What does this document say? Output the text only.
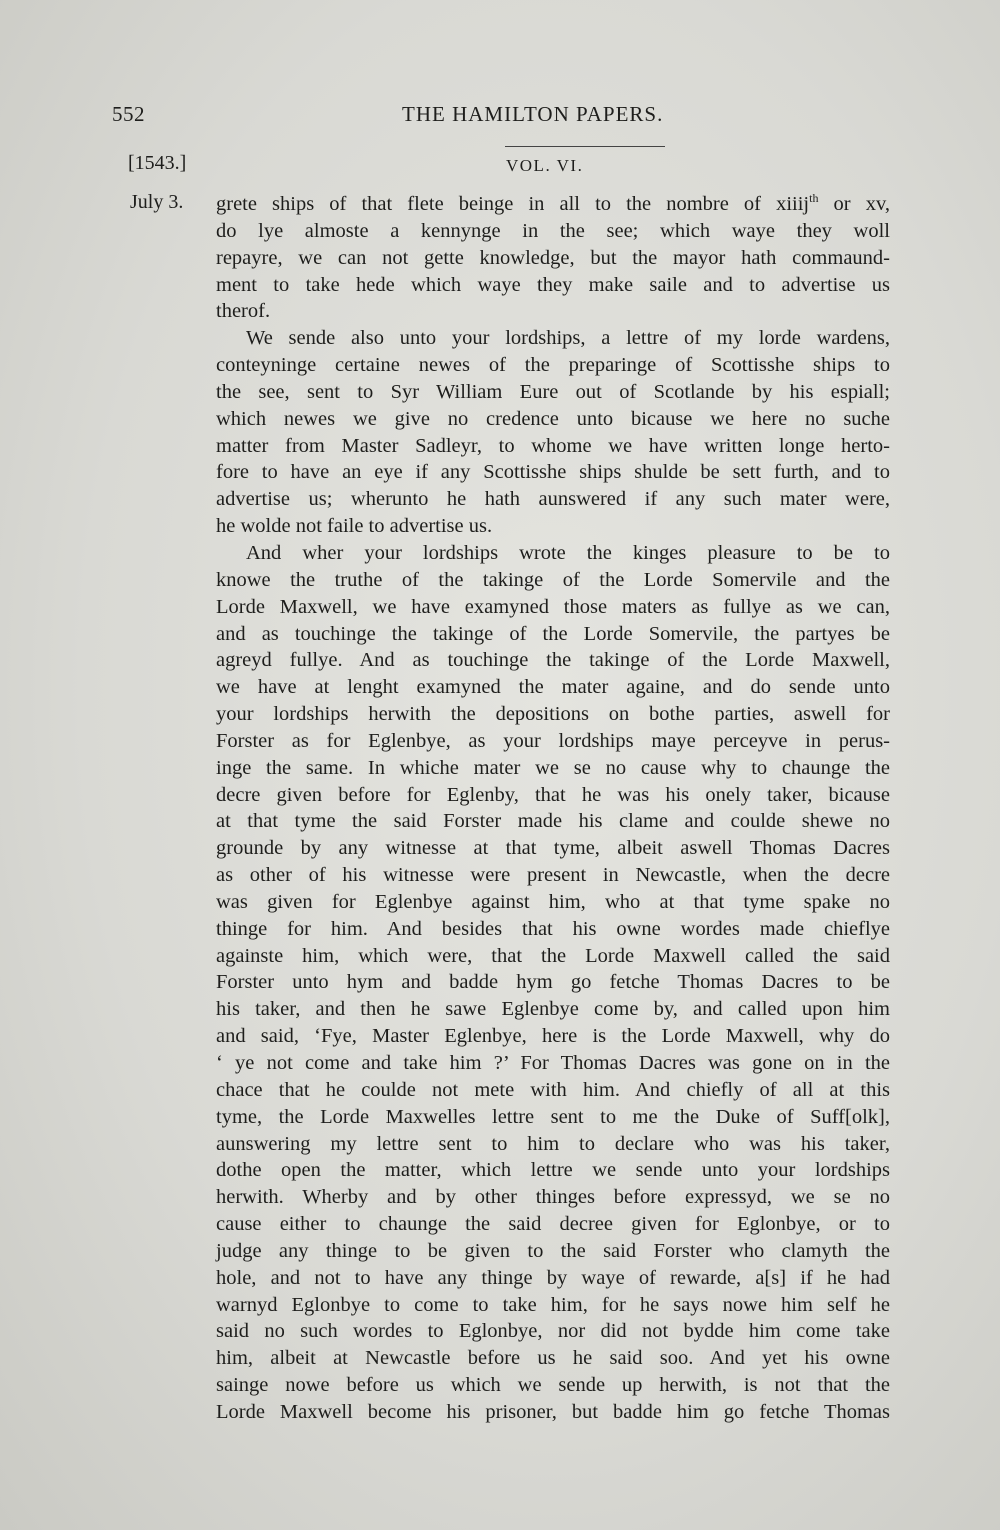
552	THE HAMILTON PAPERS.
[1543.]	VOL. VI.
July 3. grete ships of that flete beinge in all to the nombre of xiiij$^{th}$ or xv,
do lye almoste a kennynge in the see; which waye they woll
repayre, we can not gette knowledge, but the mayor hath commaund-
ment to take hede which waye they make saile and to advertise us
therof.
We sende also unto your lordships, a lettre of my lorde wardens,
conteyninge certaine newes of the preparinge of Scottisshe ships to
the see, sent to Syr William Eure out of Scotlande by his espiall;
which newes we give no credence unto bicause we here no suche
matter from Master Sadleyr, to whome we have written longe herto-
fore to have an eye if any Scottisshe ships shulde be sett furth, and to
advertise us; wherunto he hath aunswered if any such mater were,
he wolde not faile to advertise us.
And wher your lordships wrote the kinges pleasure to be to
knowe the truthe of the takinge of the Lorde Somervile and the
Lorde Maxwell, we have examyned those maters as fullye as we can,
and as touchinge the takinge of the Lorde Somervile, the partyes be
agreyd fullye. And as touchinge the takinge of the Lorde Maxwell,
we have at lenght examyned the mater againe, and do sende unto
your lordships herwith the depositions on bothe parties, aswell for
Forster as for Eglenbye, as your lordships maye perceyve in perus-
inge the same. In whiche mater we se no cause why to chaunge the
decre given before for Eglenby, that he was his onely taker, bicause
at that tyme the said Forster made his clame and coulde shewe no
grounde by any witnesse at that tyme, albeit aswell Thomas Dacres
as other of his witnesse were present in Newcastle, when the decre
was given for Eglenbye against him, who at that tyme spake no
thinge for him. And besides that his owne wordes made chieflye
againste him, which were, that the Lorde Maxwell called the said
Forster unto hym and badde hym go fetche Thomas Dacres to be
his taker, and then he sawe Eglenbye come by, and called upon him
and said, ‘Fye, Master Eglenbye, here is the Lorde Maxwell, why do
‘ ye not come and take him ?’ For Thomas Dacres was gone on in the
chace that he coulde not mete with him. And chiefly of all at this
tyme, the Lorde Maxwelles lettre sent to me the Duke of Suff[olk],
aunswering my lettre sent to him to declare who was his taker,
dothe open the matter, which lettre we sende unto your lordships
herwith. Wherby and by other thinges before expressyd, we se no
cause either to chaunge the said decree given for Eglonbye, or to
judge any thinge to be given to the said Forster who clamyth the
hole, and not to have any thinge by waye of rewarde, a[s] if he had
warnyd Eglonbye to come to take him, for he says nowe him self he
said no such wordes to Eglonbye, nor did not bydde him come take
him, albeit at Newcastle before us he said soo. And yet his owne
sainge nowe before us which we sende up herwith, is not that the
Lorde Maxwell become his prisoner, but badde him go fetche Thomas
